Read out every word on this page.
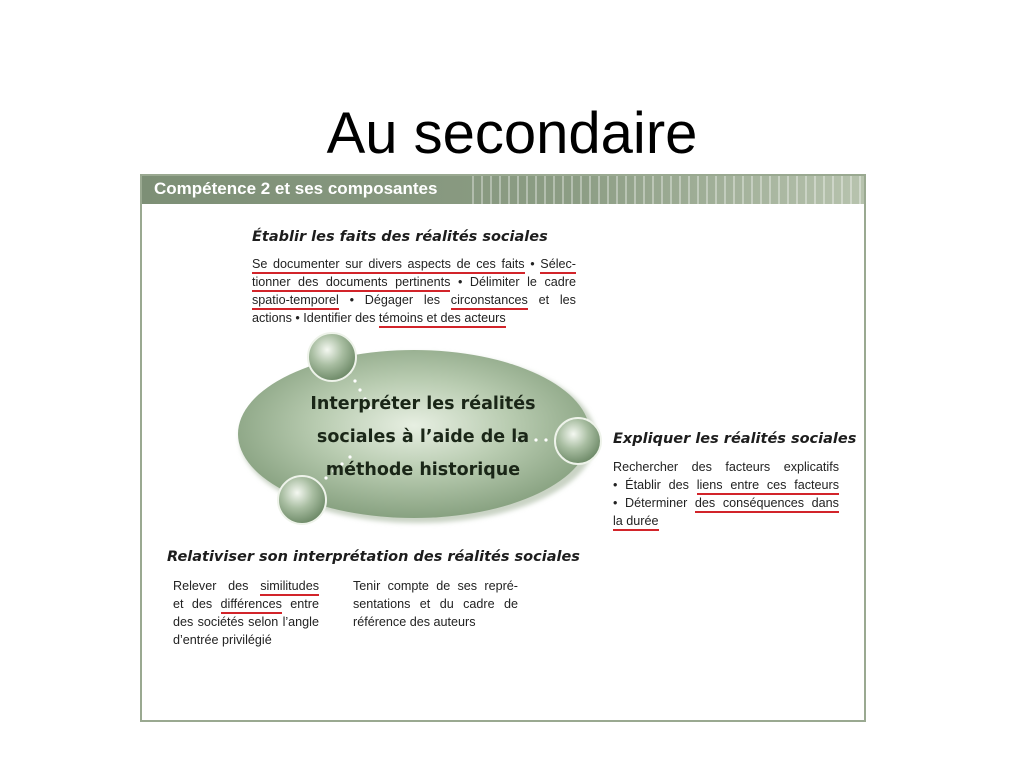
Au secondaire
Compétence 2 et ses composantes
Interpréter les réalités
sociales à l’aide de la
méthode historique
Établir les faits des réalités sociales
Se documenter sur divers aspects de ces faits • Sélec-
tionner des documents pertinents • Délimiter le cadre
spatio-temporel • Dégager les circonstances et les
actions • Identifier des témoins et des acteurs
Expliquer les réalités sociales
Rechercher des facteurs explicatifs
• Établir des liens entre ces facteurs
• Déterminer des conséquences dans
la durée
Relativiser son interprétation des réalités sociales
Relever des similitudes
et des différences entre
des sociétés selon l’angle
d’entrée privilégié
Tenir compte de ses repré-
sentations et du cadre de
référence des auteurs
